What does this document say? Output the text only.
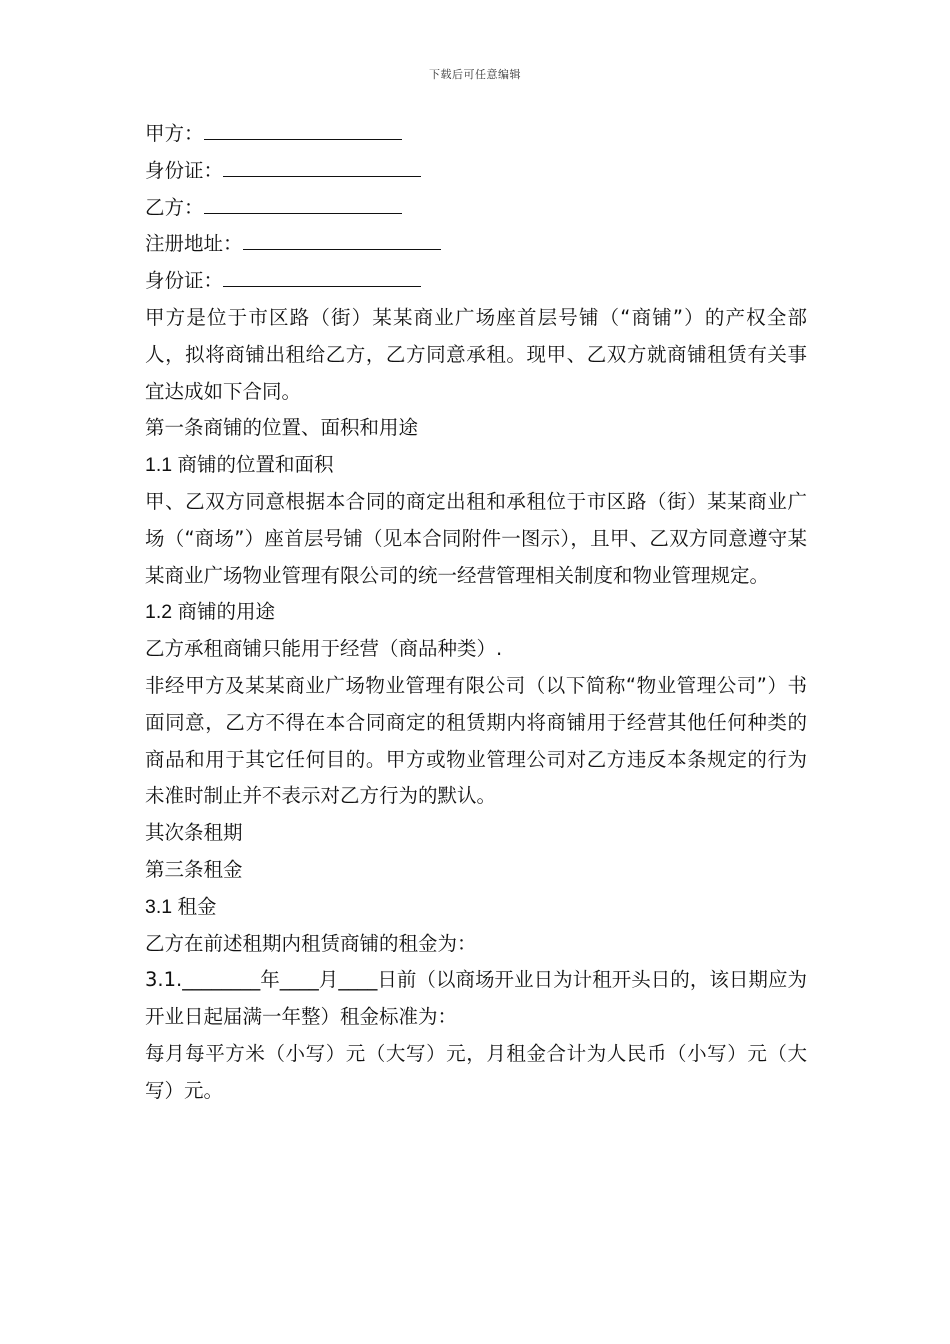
下载后可任意编辑
甲方：
身份证：
乙方：
注册地址：
身份证：
甲方是位于市区路（街）某某商业广场座首层号铺（“商铺”）的产权全部人，拟将商铺出租给乙方，乙方同意承租。现甲、乙双方就商铺租赁有关事宜达成如下合同。
第一条商铺的位置、面积和用途
1.1 商铺的位置和面积
甲、乙双方同意根据本合同的商定出租和承租位于市区路（街）某某商业广场（“商场”）座首层号铺（见本合同附件一图示），且甲、乙双方同意遵守某某商业广场物业管理有限公司的统一经营管理相关制度和物业管理规定。
1.2 商铺的用途
乙方承租商铺只能用于经营（商品种类）.
非经甲方及某某商业广场物业管理有限公司（以下简称“物业管理公司”）书面同意，乙方不得在本合同商定的租赁期内将商铺用于经营其他任何种类的商品和用于其它任何目的。甲方或物业管理公司对乙方违反本条规定的行为未准时制止并不表示对乙方行为的默认。
其次条租期
第三条租金
3.1 租金
乙方在前述租期内租赁商铺的租金为：
3.1.________年____月____日前（以商场开业日为计租开头日的，该日期应为开业日起届满一年整）租金标准为：
每月每平方米（小写）元（大写）元，月租金合计为人民币（小写）元（大写）元。
